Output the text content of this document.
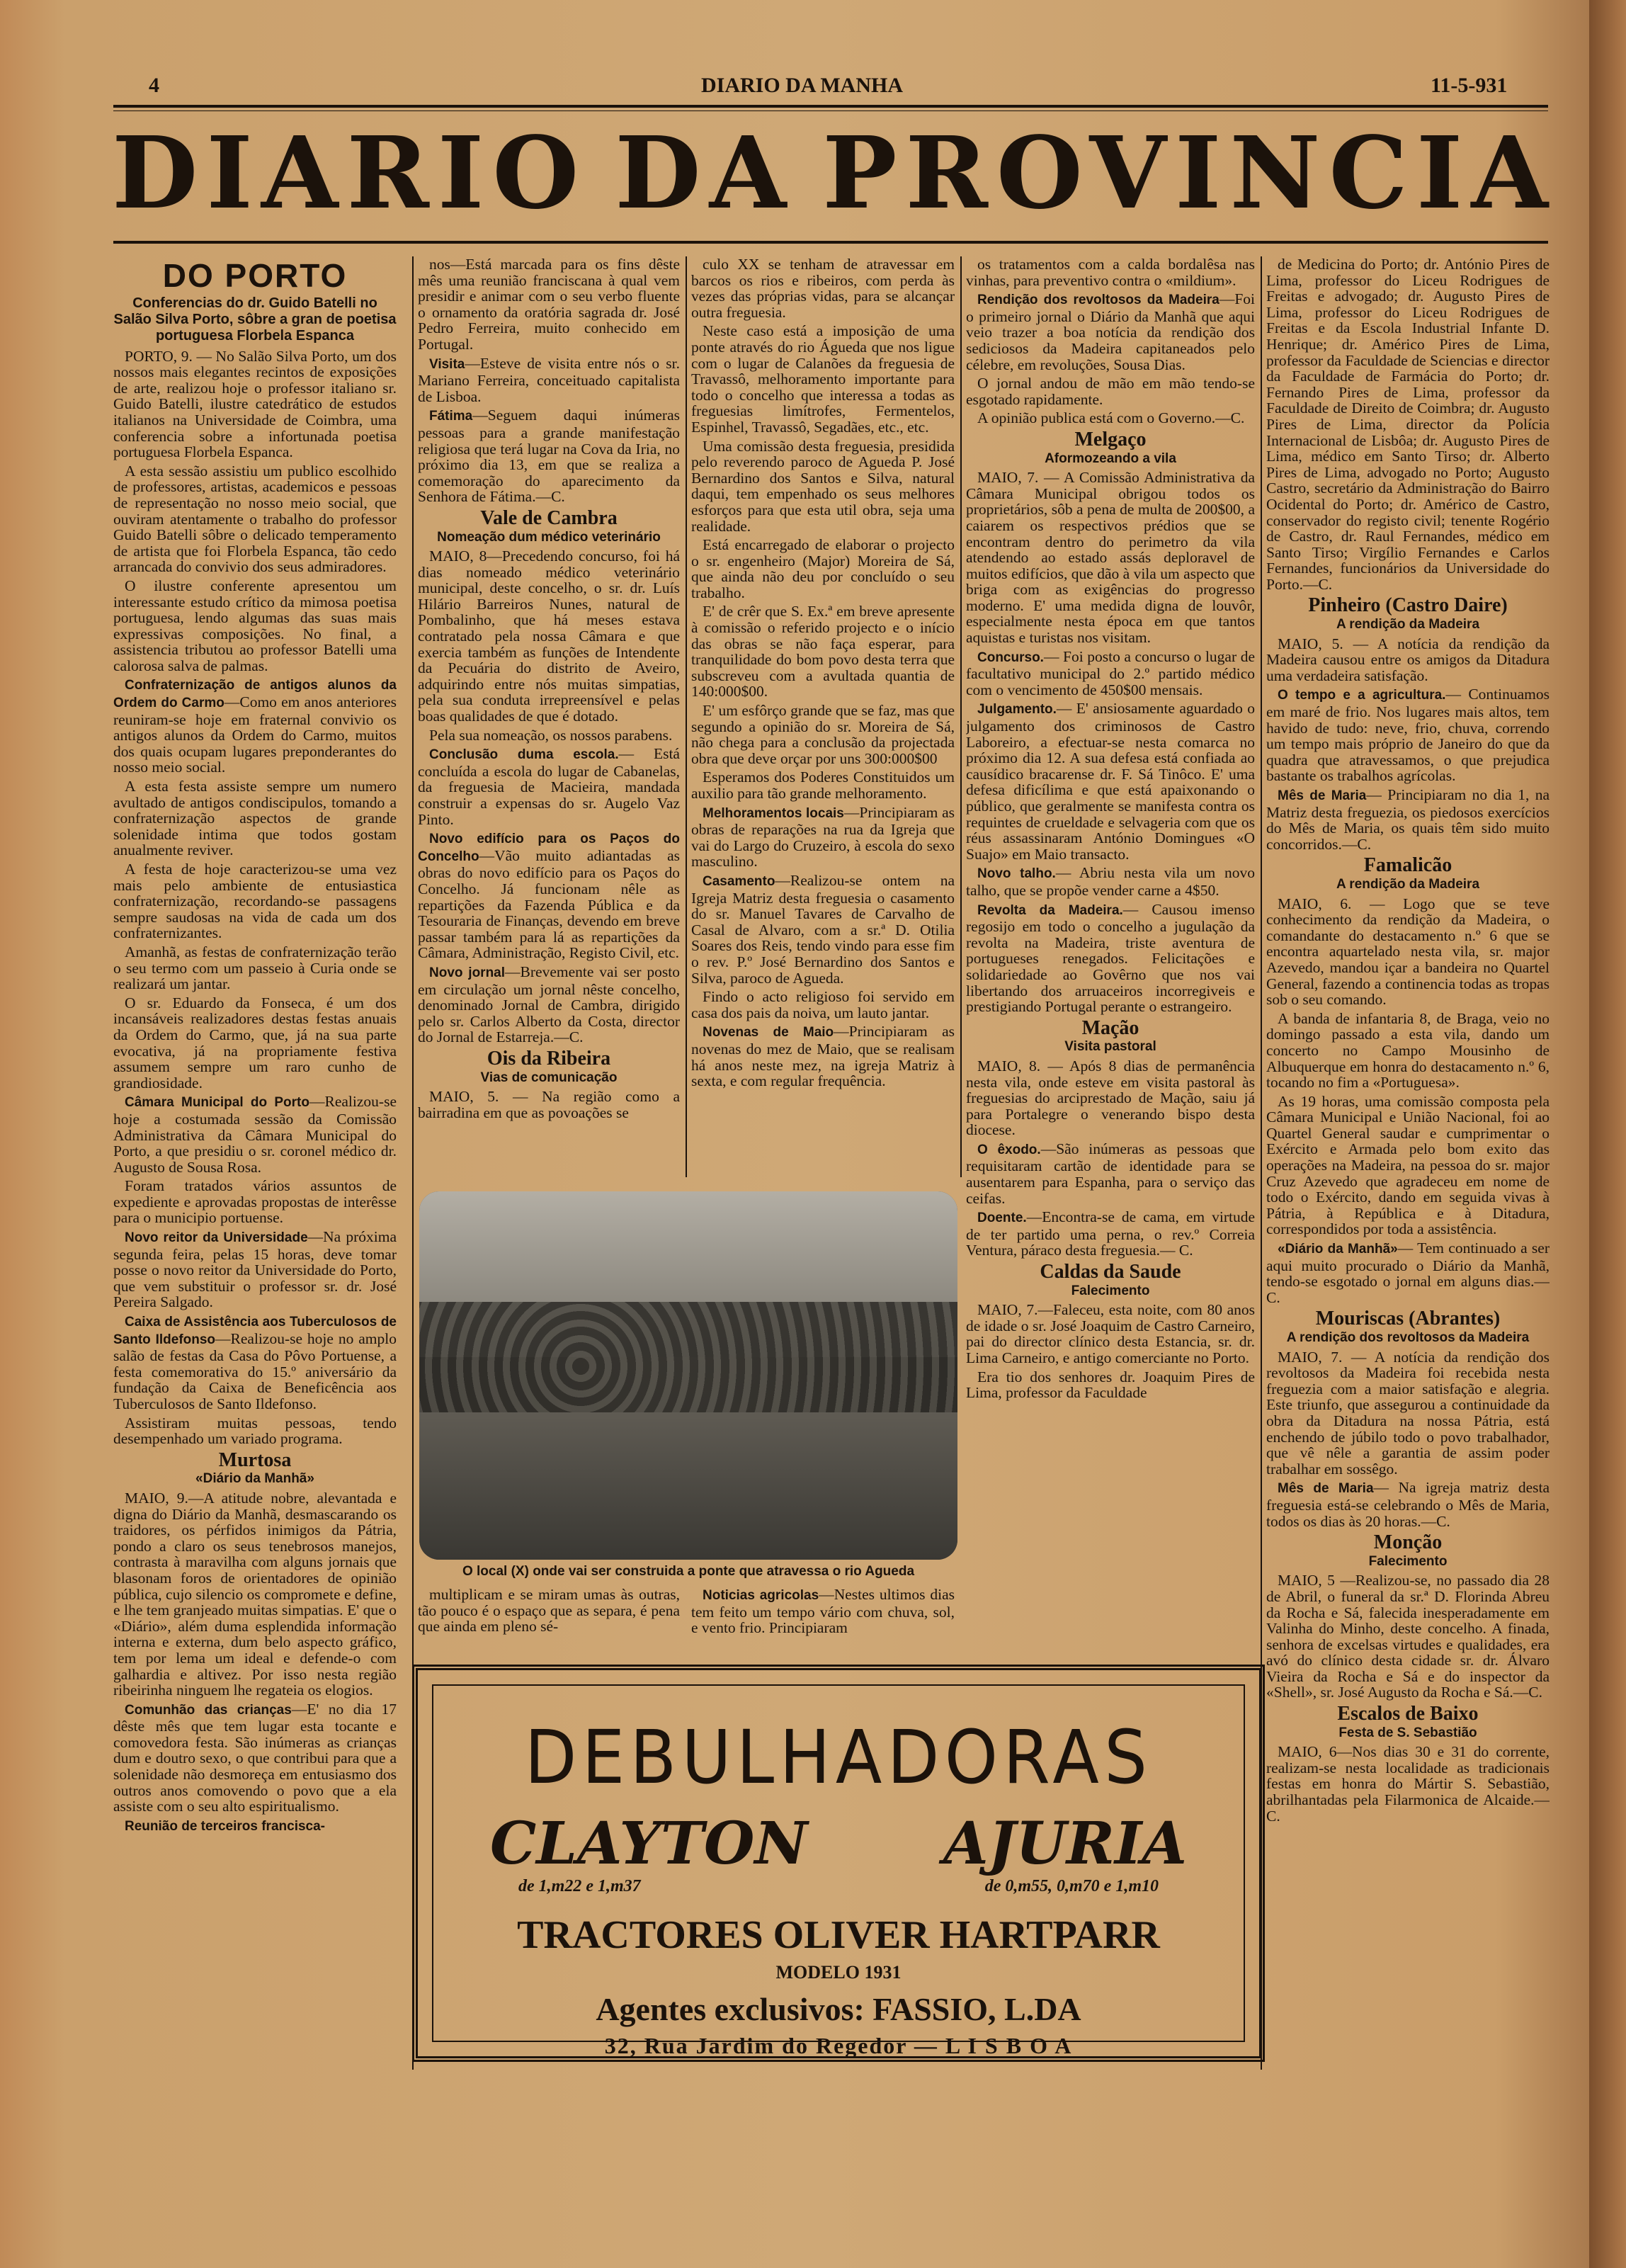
4	DIARIO DA MANHA	11-5-931
DIARIO DA PROVINCIA
DO PORTO
Conferencias do dr. Guido Batelli no Salão Silva Porto, sôbre a gran de poetisa portuguesa Florbela Espanca

PORTO, 9. — No Salão Silva Porto, um dos nossos mais elegantes recintos de exposições de arte, realizou hoje o professor italiano sr. Guido Batelli, ilustre catedrático de estudos italianos na Universidade de Coimbra, uma conferencia sobre a infortunada poetisa portuguesa Florbela Espanca.

A esta sessão assistiu um publico escolhido de professores, artistas, academicos e pessoas de representação no nosso meio social, que ouviram atentamente o trabalho do professor Guido Batelli sôbre o delicado temperamento de artista que foi Florbela Espanca, tão cedo arrancada do convivio dos seus admiradores.

O ilustre conferente apresentou um interessante estudo crítico da mimosa poetisa portuguesa, lendo algumas das suas mais expressivas composições. No final, a assistencia tributou ao professor Batelli uma calorosa salva de palmas.

Confraternização de antigos alunos da Ordem do Carmo—Como em anos anteriores reuniram-se hoje em fraternal convivio os antigos alunos da Ordem do Carmo, muitos dos quais ocupam lugares preponderantes do nosso meio social.

A esta festa assiste sempre um numero avultado de antigos condiscipulos, tomando a confraternização aspectos de grande solenidade intima que todos gostam anualmente reviver.

A festa de hoje caracterizou-se uma vez mais pelo ambiente de entusiastica confraternização, recordando-se passagens sempre saudosas na vida de cada um dos confraternizantes.

Amanhã, as festas de confraternização terão o seu termo com um passeio à Curia onde se realizará um jantar.

O sr. Eduardo da Fonseca, é um dos incansáveis realizadores destas festas anuais da Ordem do Carmo, que, já na sua parte evocativa, já na propriamente festiva assumem sempre um raro cunho de grandiosidade.

Câmara Municipal do Porto—Realizou-se hoje a costumada sessão da Comissão Administrativa da Câmara Municipal do Porto, a que presidiu o sr. coronel médico dr. Augusto de Sousa Rosa.

Foram tratados vários assuntos de expediente e aprovadas propostas de interêsse para o municipio portuense.

Novo reitor da Universidade—Na próxima segunda feira, pelas 15 horas, deve tomar posse o novo reitor da Universidade do Porto, que vem substituir o professor sr. dr. José Pereira Salgado.

Caixa de Assistência aos Tuberculosos de Santo Ildefonso—Realizou-se hoje no amplo salão de festas da Casa do Pôvo Portuense, a festa comemorativa do 15.º aniversário da fundação da Caixa de Beneficência aos Tuberculosos de Santo Ildefonso.

Assistiram muitas pessoas, tendo desempenhado um variado programa.

Murtosa
«Diário da Manhã»

MAIO, 9.—A atitude nobre, alevantada e digna do Diário da Manhã, desmascarando os traidores, os pérfidos inimigos da Pátria, pondo a claro os seus tenebrosos manejos, contrasta à maravilha com alguns jornais que blasonam foros de orientadores de opinião pública, cujo silencio os compromete e define, e lhe tem granjeado muitas simpatias. E' que o «Diário», além duma esplendida informação interna e externa, dum belo aspecto gráfico, tem por lema um ideal e defende-o com galhardia e altivez. Por isso nesta região ribeirinha ninguem lhe regateia os elogios.

Comunhão das crianças—E' no dia 17 dêste mês que tem lugar esta tocante e comovedora festa. São inúmeras as crianças dum e doutro sexo, o que contribui para que a solenidade não desmoreça em entusiasmo dos outros anos comovendo o povo que a ela assiste com o seu alto espiritualismo.

Reunião de terceiros francisca-

nos—Está marcada para os fins dêste mês uma reunião franciscana à qual vem presidir e animar com o seu verbo fluente o ornamento da oratória sagrada dr. José Pedro Ferreira, muito conhecido em Portugal.

Visita—Esteve de visita entre nós o sr. Mariano Ferreira, conceituado capitalista de Lisboa.

Fátima—Seguem daqui inúmeras pessoas para a grande manifestação religiosa que terá lugar na Cova da Iria, no próximo dia 13, em que se realiza a comemoração do aparecimento da Senhora de Fátima.—C.

Vale de Cambra
Nomeação dum médico veterinário

MAIO, 8—Precedendo concurso, foi há dias nomeado médico veterinário municipal, deste concelho, o sr. dr. Luís Hilário Barreiros Nunes, natural de Pombalinho, que há meses estava contratado pela nossa Câmara e que exercia também as funções de Intendente da Pecuária do distrito de Aveiro, adquirindo entre nós muitas simpatias, pela sua conduta irrepreensível e pelas boas qualidades de que é dotado.

Pela sua nomeação, os nossos parabens.

Conclusão duma escola.— Está concluída a escola do lugar de Cabanelas, da freguesia de Macieira, mandada construir a expensas do sr. Augelo Vaz Pinto.

Novo edifício para os Paços do Concelho—Vão muito adiantadas as obras do novo edifício para os Paços do Concelho. Já funcionam nêle as repartições da Fazenda Pública e da Tesouraria de Finanças, devendo em breve passar também para lá as repartições da Câmara, Administração, Registo Civil, etc.

Novo jornal—Brevemente vai ser posto em circulação um jornal nêste concelho, denominado Jornal de Cambra, dirigido pelo sr. Carlos Alberto da Costa, director do Jornal de Estarreja.—C.

Ois da Ribeira
Vias de comunicação

MAIO, 5. — Na região como a bairradina em que as povoações se

culo XX se tenham de atravessar em barcos os rios e ribeiros, com perda às vezes das próprias vidas, para se alcançar outra freguesia.

Neste caso está a imposição de uma ponte através do rio Águeda que nos ligue com o lugar de Calanões da freguesia de Travassô, melhoramento importante para todo o concelho que interessa a todas as freguesias limítrofes, Fermentelos, Espinhel, Travassô, Segadães, etc., etc.

Uma comissão desta freguesia, presidida pelo reverendo paroco de Agueda P. José Bernardino dos Santos e Silva, natural daqui, tem empenhado os seus melhores esforços para que esta util obra, seja uma realidade.

Está encarregado de elaborar o projecto o sr. engenheiro (Major) Moreira de Sá, que ainda não deu por concluído o seu trabalho.

E' de crêr que S. Ex.ª em breve apresente à comissão o referido projecto e o início das obras se não faça esperar, para tranquilidade do bom povo desta terra que subscreveu com a avultada quantia de 140:000$00.

E' um esfôrço grande que se faz, mas que segundo a opinião do sr. Moreira de Sá, não chega para a conclusão da projectada obra que deve orçar por uns 300:000$00

Esperamos dos Poderes Constituidos um auxilio para tão grande melhoramento.

Melhoramentos locais—Principiaram as obras de reparações na rua da Igreja que vai do Largo do Cruzeiro, à escola do sexo masculino.

Casamento—Realizou-se ontem na Igreja Matriz desta freguesia o casamento do sr. Manuel Tavares de Carvalho de Casal de Alvaro, com a sr.ª D. Otilia Soares dos Reis, tendo vindo para esse fim o rev. P.º José Bernardino dos Santos e Silva, paroco de Agueda.

Findo o acto religioso foi servido em casa dos pais da noiva, um lauto jantar.

Novenas de Maio—Principiaram as novenas do mez de Maio, que se realisam há anos neste mez, na igreja Matriz à sexta, e com regular frequência.

os tratamentos com a calda bordalêsa nas vinhas, para preventivo contra o «mildium».

Rendição dos revoltosos da Madeira—Foi o primeiro jornal o Diário da Manhã que aqui veio trazer a boa notícia da rendição dos sediciosos da Madeira capitaneados pelo célebre, em revoluções, Sousa Dias.

O jornal andou de mão em mão tendo-se esgotado rapidamente.

A opinião publica está com o Governo.—C.

Melgaço
Aformozeando a vila

MAIO, 7. — A Comissão Administrativa da Câmara Municipal obrigou todos os proprietários, sôb a pena de multa de 200$00, a caiarem os respectivos prédios que se encontram dentro do perimetro da vila atendendo ao estado assás deploravel de muitos edifícios, que dão à vila um aspecto que briga com as exigências do progresso moderno. E' uma medida digna de louvôr, especialmente nesta época em que tantos aquistas e turistas nos visitam.

Concurso.— Foi posto a concurso o lugar de facultativo municipal do 2.º partido médico com o vencimento de 450$00 mensais.

Julgamento.— E' ansiosamente aguardado o julgamento dos criminosos de Castro Laboreiro, a efectuar-se nesta comarca no próximo dia 12. A sua defesa está confiada ao causídico bracarense dr. F. Sá Tinôco. E' uma defesa dificílima e que está apaixonando o público, que geralmente se manifesta contra os requintes de crueldade e selvageria com que os réus assassinaram António Domingues «O Suajo» em Maio transacto.

Novo talho.— Abriu nesta vila um novo talho, que se propõe vender carne a 4$50.

Revolta da Madeira.— Causou imenso regosijo em todo o concelho a jugulação da revolta na Madeira, triste aventura de portugueses renegados. Felicitações e solidariedade ao Govêrno que nos vai libertando dos arruaceiros incorregiveis e prestigiando Portugal perante o estrangeiro.

Mação
Visita pastoral

MAIO, 8. — Após 8 dias de permanência nesta vila, onde esteve em visita pastoral às freguesias do arciprestado de Mação, saiu já para Portalegre o venerando bispo desta diocese.

O êxodo.—São inúmeras as pessoas que requisitaram cartão de identidade para se ausentarem para Espanha, para o serviço das ceifas.

Doente.—Encontra-se de cama, em virtude de ter partido uma perna, o rev.º Correia Ventura, páraco desta freguesia.— C.

Caldas da Saude
Falecimento

MAIO, 7.—Faleceu, esta noite, com 80 anos de idade o sr. José Joaquim de Castro Carneiro, pai do director clínico desta Estancia, sr. dr. Lima Carneiro, e antigo comerciante no Porto.

Era tio dos senhores dr. Joaquim Pires de Lima, professor da Faculdade

de Medicina do Porto; dr. António Pires de Lima, professor do Liceu Rodrigues de Freitas e advogado; dr. Augusto Pires de Lima, professor do Liceu Rodrigues de Freitas e da Escola Industrial Infante D. Henrique; dr. Américo Pires de Lima, professor da Faculdade de Sciencias e director da Faculdade de Farmácia do Porto; dr. Fernando Pires de Lima, professor da Faculdade de Direito de Coimbra; dr. Augusto Pires de Lima, director da Polícia Internacional de Lisbôa; dr. Augusto Pires de Lima, médico em Santo Tirso; dr. Alberto Pires de Lima, advogado no Porto; Augusto Castro, secretário da Administração do Bairro Ocidental do Porto; dr. Américo de Castro, conservador do registo civil; tenente Rogério de Castro, dr. Raul Fernandes, médico em Santo Tirso; Virgílio Fernandes e Carlos Fernandes, funcionários da Universidade do Porto.—C.

Pinheiro (Castro Daire)
A rendição da Madeira

MAIO, 5. — A notícia da rendição da Madeira causou entre os amigos da Ditadura uma verdadeira satisfação.

O tempo e a agricultura.— Continuamos em maré de frio. Nos lugares mais altos, tem havido de tudo: neve, frio, chuva, correndo um tempo mais próprio de Janeiro do que da quadra que atravessamos, o que prejudica bastante os trabalhos agrícolas.

Mês de Maria— Principiaram no dia 1, na Matriz desta freguezia, os piedosos exercícios do Mês de Maria, os quais têm sido muito concorridos.—C.

Famalicão
A rendição da Madeira

MAIO, 6. — Logo que se teve conhecimento da rendição da Madeira, o comandante do destacamento n.º 6 que se encontra aquartelado nesta vila, sr. major Azevedo, mandou içar a bandeira no Quartel General, fazendo a continencia todas as tropas sob o seu comando.

A banda de infantaria 8, de Braga, veio no domingo passado a esta vila, dando um concerto no Campo Mousinho de Albuquerque em honra do destacamento n.º 6, tocando no fim a «Portuguesa».

As 19 horas, uma comissão composta pela Câmara Municipal e União Nacional, foi ao Quartel General saudar e cumprimentar o Exército e Armada pelo bom exito das operações na Madeira, na pessoa do sr. major Cruz Azevedo que agradeceu em nome de todo o Exército, dando em seguida vivas à Pátria, à República e à Ditadura, correspondidos por toda a assistência.

«Diário da Manhã»— Tem continuado a ser aqui muito procurado o Diário da Manhã, tendo-se esgotado o jornal em alguns dias.—C.

Mouriscas (Abrantes)
A rendição dos revoltosos da Madeira

MAIO, 7. — A notícia da rendição dos revoltosos da Madeira foi recebida nesta freguezia com a maior satisfação e alegria. Este triunfo, que assegurou a continuidade da obra da Ditadura na nossa Pátria, está enchendo de júbilo todo o povo trabalhador, que vê nêle a garantia de assim poder trabalhar em sossêgo.

Mês de Maria— Na igreja matriz desta freguesia está-se celebrando o Mês de Maria, todos os dias às 20 horas.—C.

Monção
Falecimento

MAIO, 5 —Realizou-se, no passado dia 28 de Abril, o funeral da sr.ª D. Florinda Abreu da Rocha e Sá, falecida inesperadamente em Valinha do Minho, deste concelho. A finada, senhora de excelsas virtudes e qualidades, era avó do clínico desta cidade sr. dr. Álvaro Vieira da Rocha e Sá e do inspector da «Shell», sr. José Augusto da Rocha e Sá.—C.

Escalos de Baixo
Festa de S. Sebastião

MAIO, 6—Nos dias 30 e 31 do corrente, realizam-se nesta localidade as tradicionais festas em honra do Mártir S. Sebastião, abrilhantadas pela Filarmonica de Alcaide.—C.

O local (X) onde vai ser construida a ponte que atravessa o rio Agueda

multiplicam e se miram umas às outras, tão pouco é o espaço que as separa, é pena que ainda em pleno sé-

Noticias agricolas—Nestes ultimos dias tem feito um tempo vário com chuva, sol, e vento frio. Principiaram

DEBULHADORAS
CLAYTON AJURIA
de 1,m22 e 1,m37	de 0,m55, 0,m70 e 1,m10
TRACTORES OLIVER HARTPARR
MODELO 1931
Agentes exclusivos: FASSIO, L.DA
32, Rua Jardim do Regedor — L I S B O A
